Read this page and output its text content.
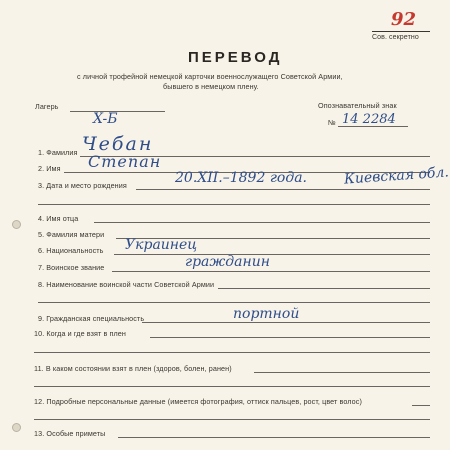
92
Сов. секретно
ПЕРЕВОД
с личной трофейной немецкой карточки военнослужащего Советской Армии,
бывшего в немецком плену.
Лагерь
X-Б
Опознавательный знак
№ 14 2284
1. Фамилия Чебан
2. Имя Степан
3. Дата и место рождения	20.XII.–1892 года.	Киевская обл.
4. Имя отца
5. Фамилия матери
6. Национальность Украинец
7. Воинское звание	гражданин
8. Наименование воинской части Советской Армии
9. Гражданская специальность	портной
10. Когда и где взят в плен
11. В каком состоянии взят в плен (здоров, болен, ранен)
12. Подробные персональные данные (имеется фотография, оттиск пальцев, рост, цвет волос)
13. Особые приметы
